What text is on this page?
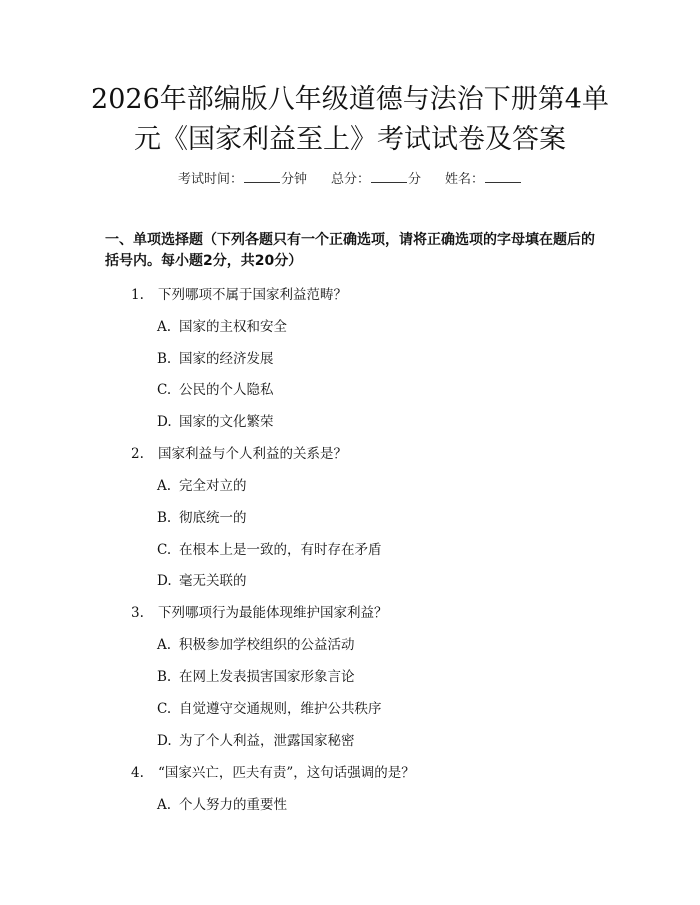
2026年部编版八年级道德与法治下册第4单
元《国家利益至上》考试试卷及答案
考试时间：	分钟 总分：	分 姓名：
一、单项选择题（下列各题只有一个正确选项，请将正确选项的字母填在题后的
括号内。每小题2分，共20分）
1. 下列哪项不属于国家利益范畴？
A. 国家的主权和安全
B. 国家的经济发展
C. 公民的个人隐私
D. 国家的文化繁荣
2. 国家利益与个人利益的关系是？
A. 完全对立的
B. 彻底统一的
C. 在根本上是一致的，有时存在矛盾
D. 毫无关联的
3. 下列哪项行为最能体现维护国家利益？
A. 积极参加学校组织的公益活动
B. 在网上发表损害国家形象言论
C. 自觉遵守交通规则，维护公共秩序
D. 为了个人利益，泄露国家秘密
4. “国家兴亡，匹夫有责”，这句话强调的是？
A. 个人努力的重要性
